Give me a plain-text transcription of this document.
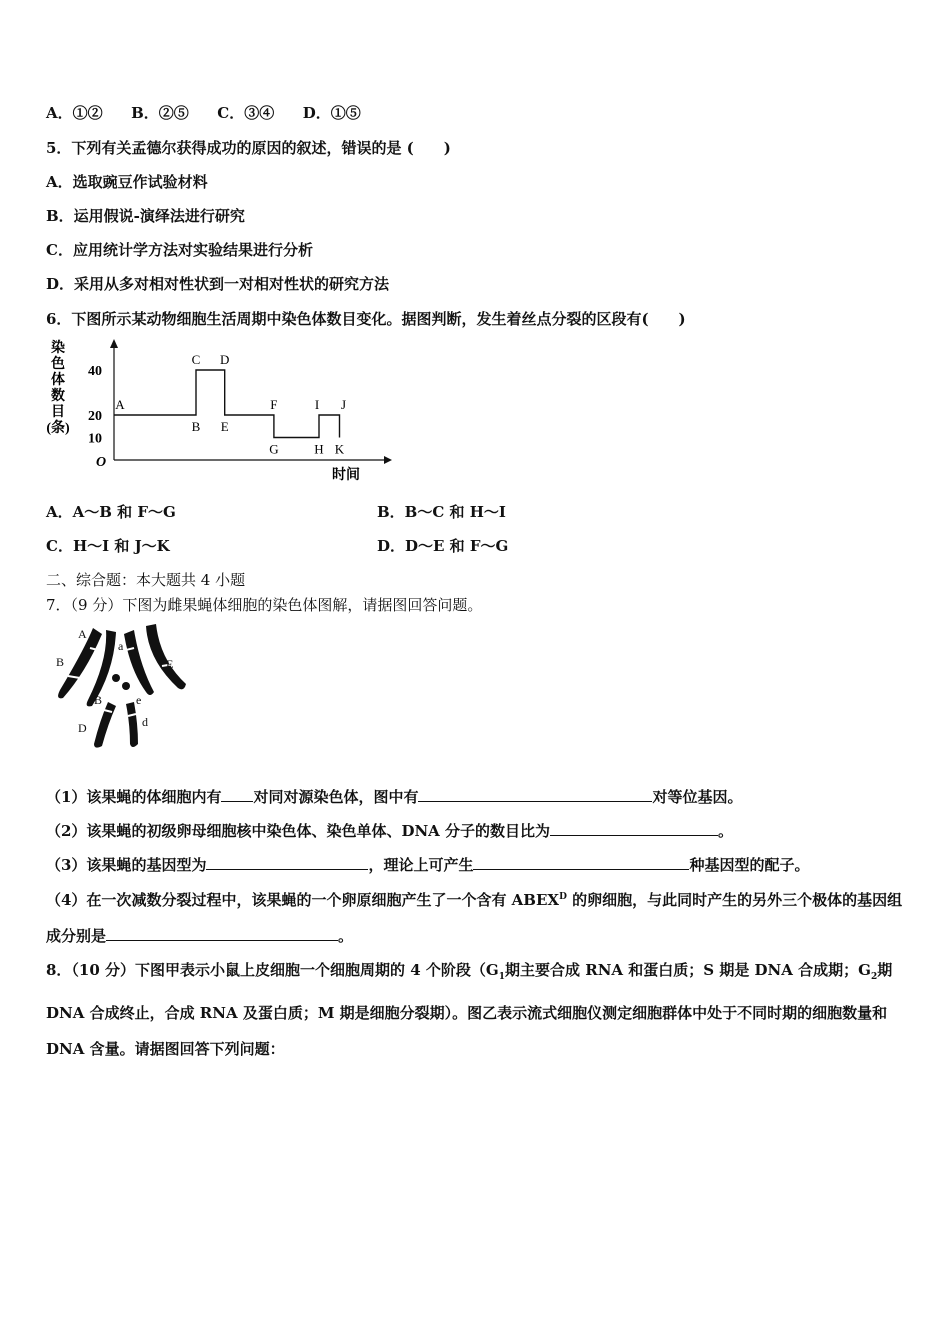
A．①② B．②⑤ C．③④ D．①⑤
5．下列有关孟德尔获得成功的原因的叙述，错误的是 (　　)
A．选取豌豆作试验材料
B．运用假说-演绎法进行研究
C．应用统计学方法对实验结果进行分析
D．采用从多对相对性状到一对相对性状的研究方法
6．下图所示某动物细胞生活周期中染色体数目变化。据图判断，发生着丝点分裂的区段有(　　)
染
色
体
数
目
(条)
O
时间
10
20
40
A
B
C D
E
F
G	H
I J
K
A．A～B 和 F～G	B．B～C 和 H～I
C．H～I 和 J～K	D．D～E 和 F～G
二、综合题：本大题共 4 小题
7．（9 分）下图为雌果蝇体细胞的染色体图解，请据图回答问题。
A
a
B	E
B	e
D	d
（1）该果蝇的体细胞内有 对同对源染色体，图中有	对等位基因。
（2）该果蝇的初级卵母细胞核中染色体、染色单体、DNA 分子的数目比为	。
（3）该果蝇的基因型为	，理论上可产生	种基因型的配子。
（4）在一次减数分裂过程中，该果蝇的一个卵原细胞产生了一个含有 $ABEX^D$ 的卵细胞，与此同时产生的另外三个极体的基因组成分别是	。
8．（10 分）下图甲表示小鼠上皮细胞一个细胞周期的 4 个阶段（$G_1$期主要合成 RNA 和蛋白质；S 期是 DNA 合成期；$G_2$期 DNA 合成终止，合成 RNA 及蛋白质；M 期是细胞分裂期）。图乙表示流式细胞仪测定细胞群体中处于不同时期的细胞数量和 DNA 含量。请据图回答下列问题：
